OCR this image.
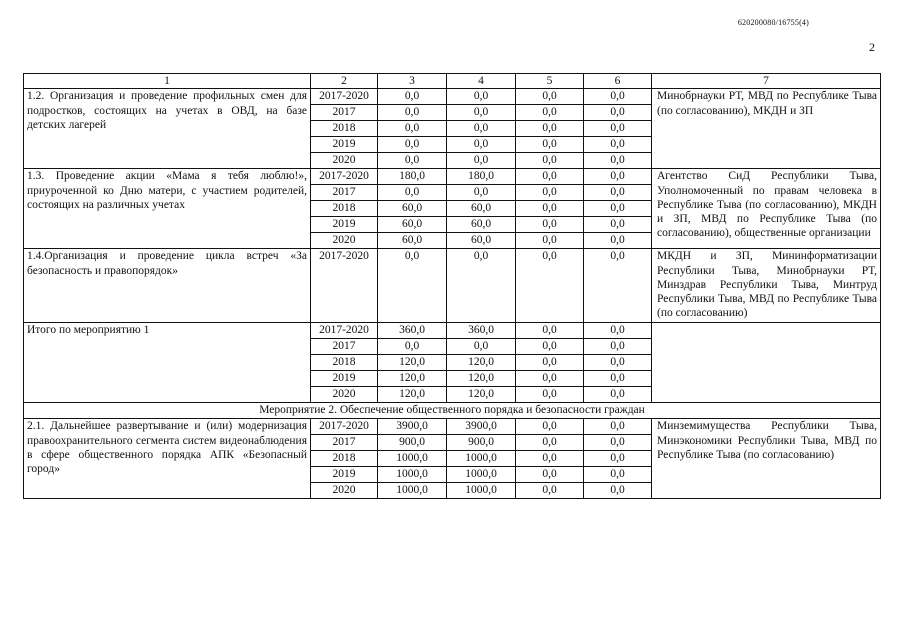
620200080/16755(4)
2
1	2	3	4	5	6	7
1.2. Организация и проведение профильных смен для подростков, состоящих на учетах в ОВД, на базе детских лагерей	2017-2020	0,0	0,0	0,0	0,0	Минобрнауки РТ, МВД по Республике Тыва (по согласованию), МКДН и ЗП
	2017	0,0	0,0	0,0	0,0	
	2018	0,0	0,0	0,0	0,0	
	2019	0,0	0,0	0,0	0,0	
	2020	0,0	0,0	0,0	0,0	
1.3. Проведение акции «Мама я тебя люблю!», приуроченной ко Дню матери, с участием родителей, состоящих на различных учетах	2017-2020	180,0	180,0	0,0	0,0	Агентство СиД Республики Тыва, Уполномоченный по правам человека в Республике Тыва (по согласованию), МКДН и ЗП, МВД по Республике Тыва (по согласованию), общественные организации
	2017	0,0	0,0	0,0	0,0	
	2018	60,0	60,0	0,0	0,0	
	2019	60,0	60,0	0,0	0,0	
	2020	60,0	60,0	0,0	0,0	
1.4.Организация и проведение цикла встреч «За безопасность и правопорядок»	2017-2020	0,0	0,0	0,0	0,0	МКДН и ЗП, Мининформатизации Республики Тыва, Минобрнауки РТ, Минздрав Республики Тыва, Минтруд Республики Тыва, МВД по Республике Тыва (по согласованию)
Итого по мероприятию 1	2017-2020	360,0	360,0	0,0	0,0	
	2017	0,0	0,0	0,0	0,0	
	2018	120,0	120,0	0,0	0,0	
	2019	120,0	120,0	0,0	0,0	
	2020	120,0	120,0	0,0	0,0	
Мероприятие 2. Обеспечение общественного порядка и безопасности граждан						
2.1. Дальнейшее развертывание и (или) модернизация правоохранительного сегмента систем видеонаблюдения в сфере общественного порядка АПК «Безопасный город»	2017-2020	3900,0	3900,0	0,0	0,0	Минземимущества Республики Тыва, Минэкономики Республики Тыва, МВД по Республике Тыва (по согласованию)
	2017	900,0	900,0	0,0	0,0	
	2018	1000,0	1000,0	0,0	0,0	
	2019	1000,0	1000,0	0,0	0,0	
	2020	1000,0	1000,0	0,0	0,0	
